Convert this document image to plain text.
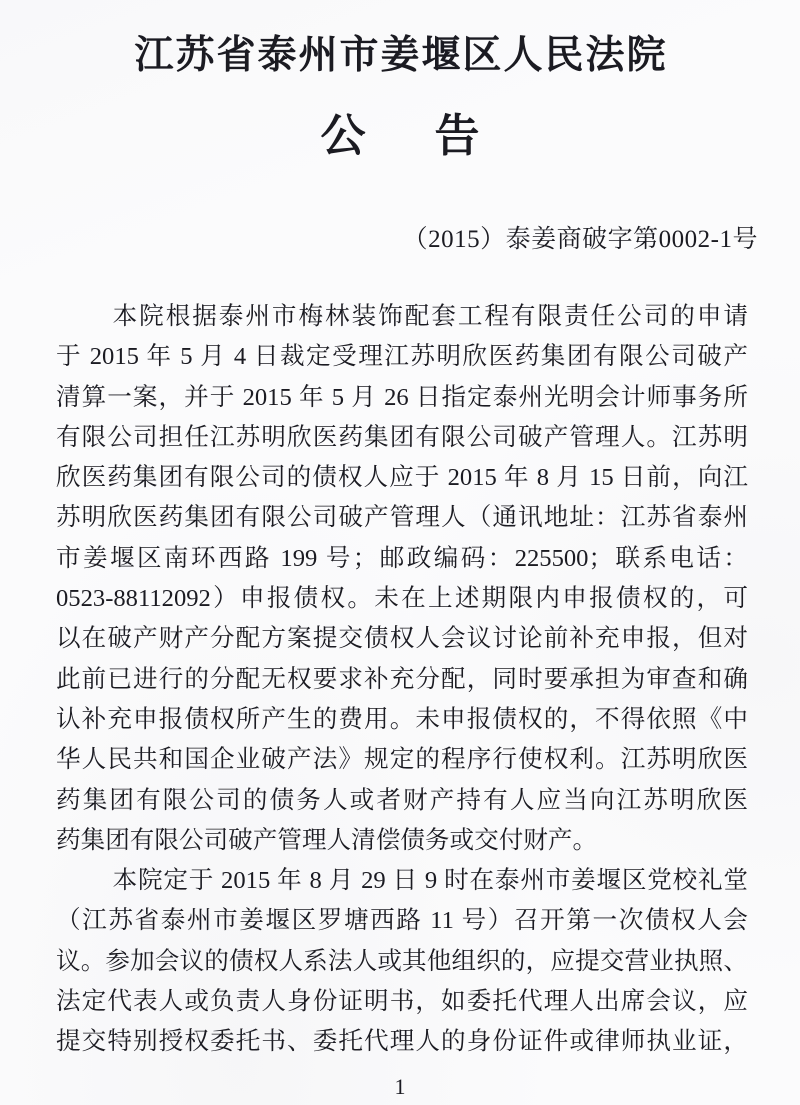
江苏省泰州市姜堰区人民法院
公　告
（2015）泰姜商破字第0002-1号
本院根据泰州市梅林装饰配套工程有限责任公司的申请
于 2015 年 5 月 4 日裁定受理江苏明欣医药集团有限公司破产
清算一案，并于 2015 年 5 月 26 日指定泰州光明会计师事务所
有限公司担任江苏明欣医药集团有限公司破产管理人。江苏明
欣医药集团有限公司的债权人应于 2015 年 8 月 15 日前，向江
苏明欣医药集团有限公司破产管理人（通讯地址：江苏省泰州
市姜堰区南环西路 199 号；邮政编码：225500；联系电话：
0523-88112092）申报债权。未在上述期限内申报债权的，可
以在破产财产分配方案提交债权人会议讨论前补充申报，但对
此前已进行的分配无权要求补充分配，同时要承担为审查和确
认补充申报债权所产生的费用。未申报债权的，不得依照《中
华人民共和国企业破产法》规定的程序行使权利。江苏明欣医
药集团有限公司的债务人或者财产持有人应当向江苏明欣医
药集团有限公司破产管理人清偿债务或交付财产。
本院定于 2015 年 8 月 29 日 9 时在泰州市姜堰区党校礼堂
（江苏省泰州市姜堰区罗塘西路 11 号）召开第一次债权人会
议。参加会议的债权人系法人或其他组织的，应提交营业执照、
法定代表人或负责人身份证明书，如委托代理人出席会议，应
提交特别授权委托书、委托代理人的身份证件或律师执业证，
1
